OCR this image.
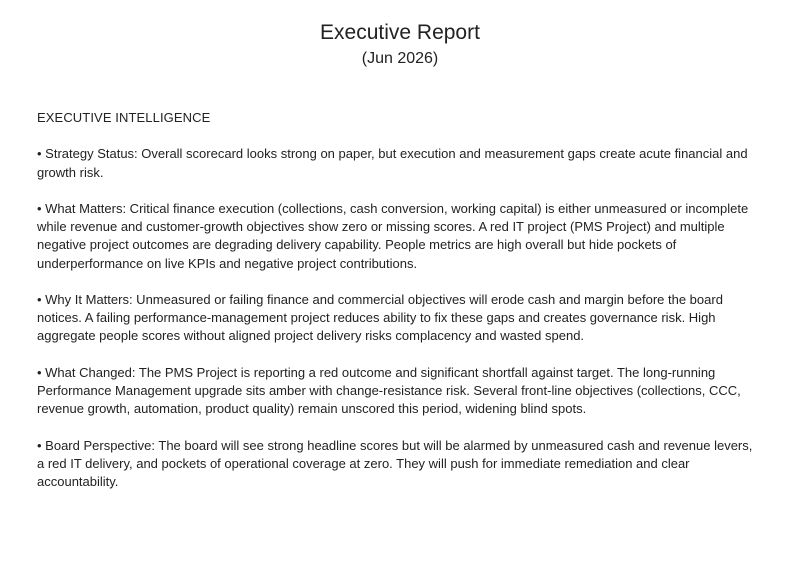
Executive Report
(Jun 2026)
EXECUTIVE INTELLIGENCE
• Strategy Status: Overall scorecard looks strong on paper, but execution and measurement gaps create acute financial and growth risk.
• What Matters: Critical finance execution (collections, cash conversion, working capital) is either unmeasured or incomplete while revenue and customer-growth objectives show zero or missing scores. A red IT project (PMS Project) and multiple negative project outcomes are degrading delivery capability. People metrics are high overall but hide pockets of underperformance on live KPIs and negative project contributions.
• Why It Matters: Unmeasured or failing finance and commercial objectives will erode cash and margin before the board notices. A failing performance-management project reduces ability to fix these gaps and creates governance risk. High aggregate people scores without aligned project delivery risks complacency and wasted spend.
• What Changed: The PMS Project is reporting a red outcome and significant shortfall against target. The long-running Performance Management upgrade sits amber with change-resistance risk. Several front-line objectives (collections, CCC, revenue growth, automation, product quality) remain unscored this period, widening blind spots.
• Board Perspective: The board will see strong headline scores but will be alarmed by unmeasured cash and revenue levers, a red IT delivery, and pockets of operational coverage at zero. They will push for immediate remediation and clear accountability.
